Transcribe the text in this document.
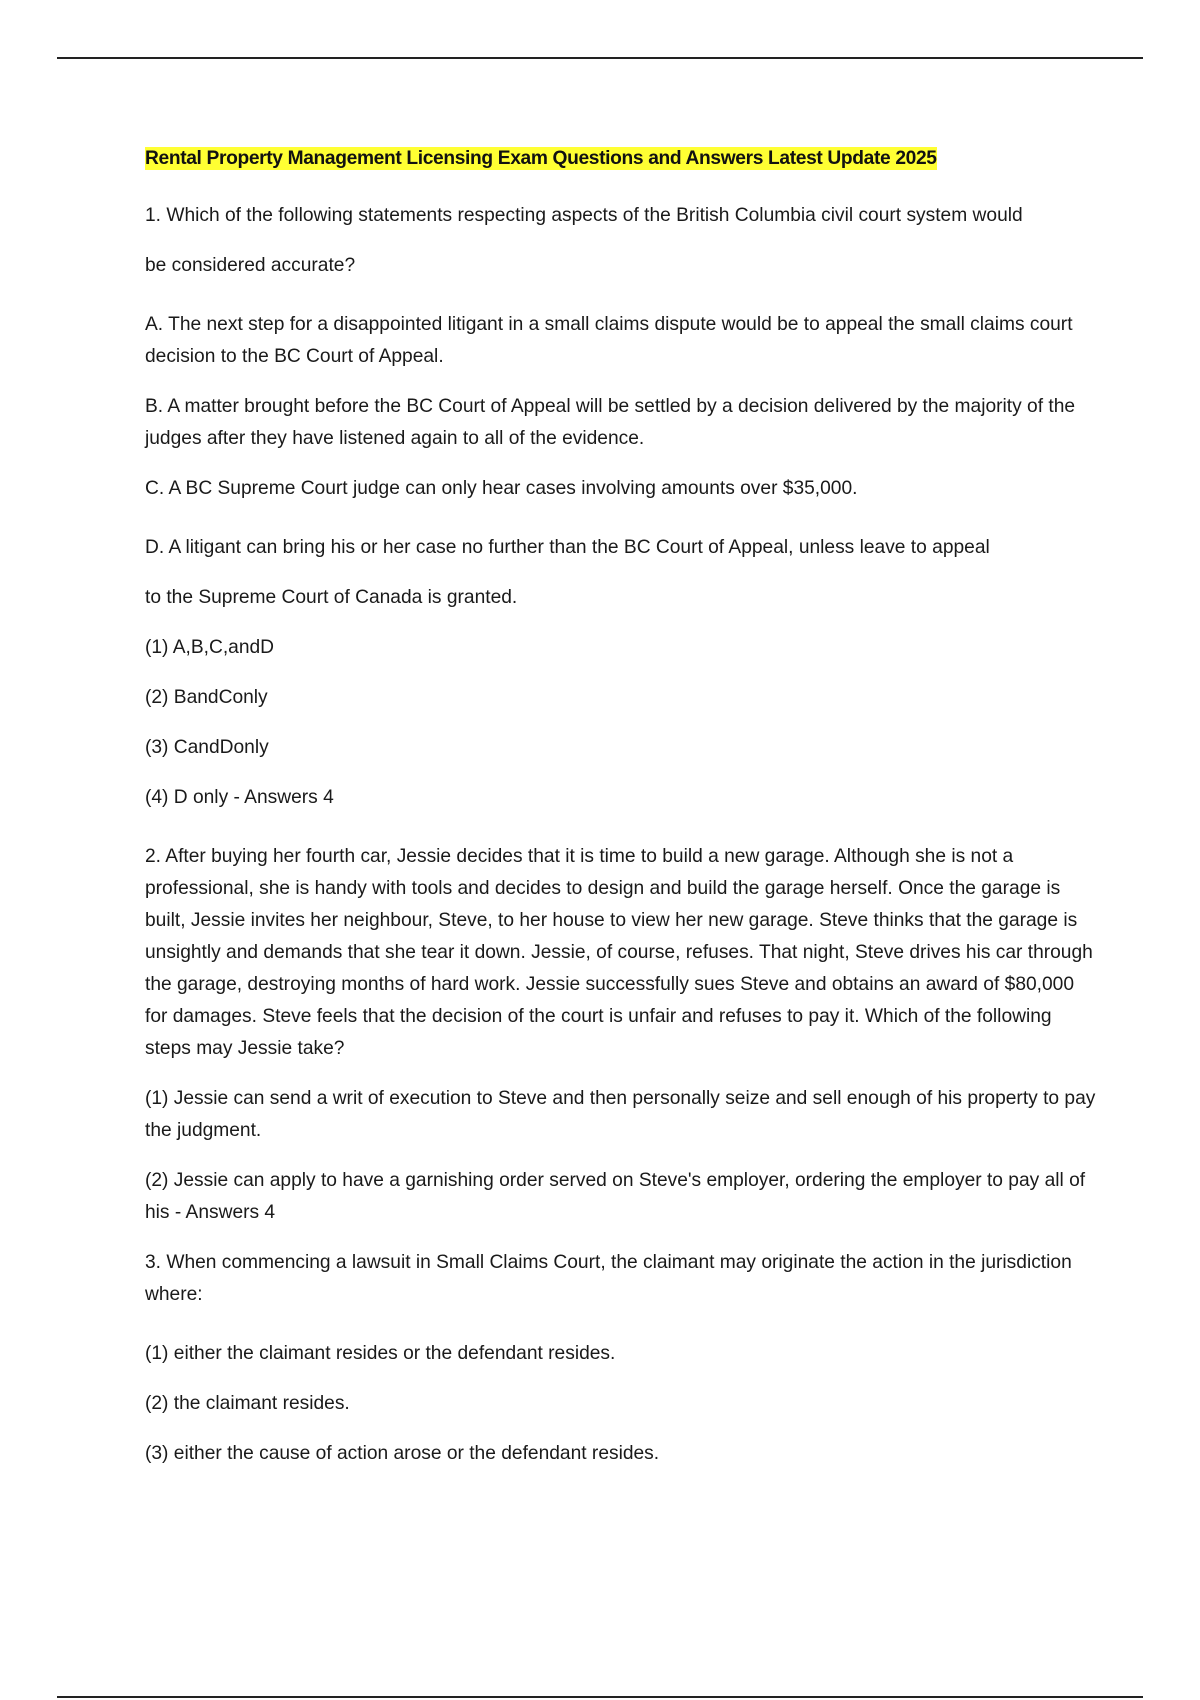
Rental Property Management Licensing Exam Questions and Answers Latest Update 2025

1. Which of the following statements respecting aspects of the British Columbia civil court system would

be considered accurate?

A. The next step for a disappointed litigant in a small claims dispute would be to appeal the small claims court decision to the BC Court of Appeal.

B. A matter brought before the BC Court of Appeal will be settled by a decision delivered by the majority of the judges after they have listened again to all of the evidence.

C. A BC Supreme Court judge can only hear cases involving amounts over $35,000.

D. A litigant can bring his or her case no further than the BC Court of Appeal, unless leave to appeal

to the Supreme Court of Canada is granted.

(1) A,B,C,andD

(2) BandConly

(3) CandDonly

(4) D only - Answers 4

2. After buying her fourth car, Jessie decides that it is time to build a new garage. Although she is not a professional, she is handy with tools and decides to design and build the garage herself. Once the garage is built, Jessie invites her neighbour, Steve, to her house to view her new garage. Steve thinks that the garage is unsightly and demands that she tear it down. Jessie, of course, refuses. That night, Steve drives his car through the garage, destroying months of hard work. Jessie successfully sues Steve and obtains an award of $80,000 for damages. Steve feels that the decision of the court is unfair and refuses to pay it. Which of the following steps may Jessie take?

(1) Jessie can send a writ of execution to Steve and then personally seize and sell enough of his property to pay the judgment.

(2) Jessie can apply to have a garnishing order served on Steve's employer, ordering the employer to pay all of his - Answers 4

3. When commencing a lawsuit in Small Claims Court, the claimant may originate the action in the jurisdiction where:

(1) either the claimant resides or the defendant resides.

(2) the claimant resides.

(3) either the cause of action arose or the defendant resides.
